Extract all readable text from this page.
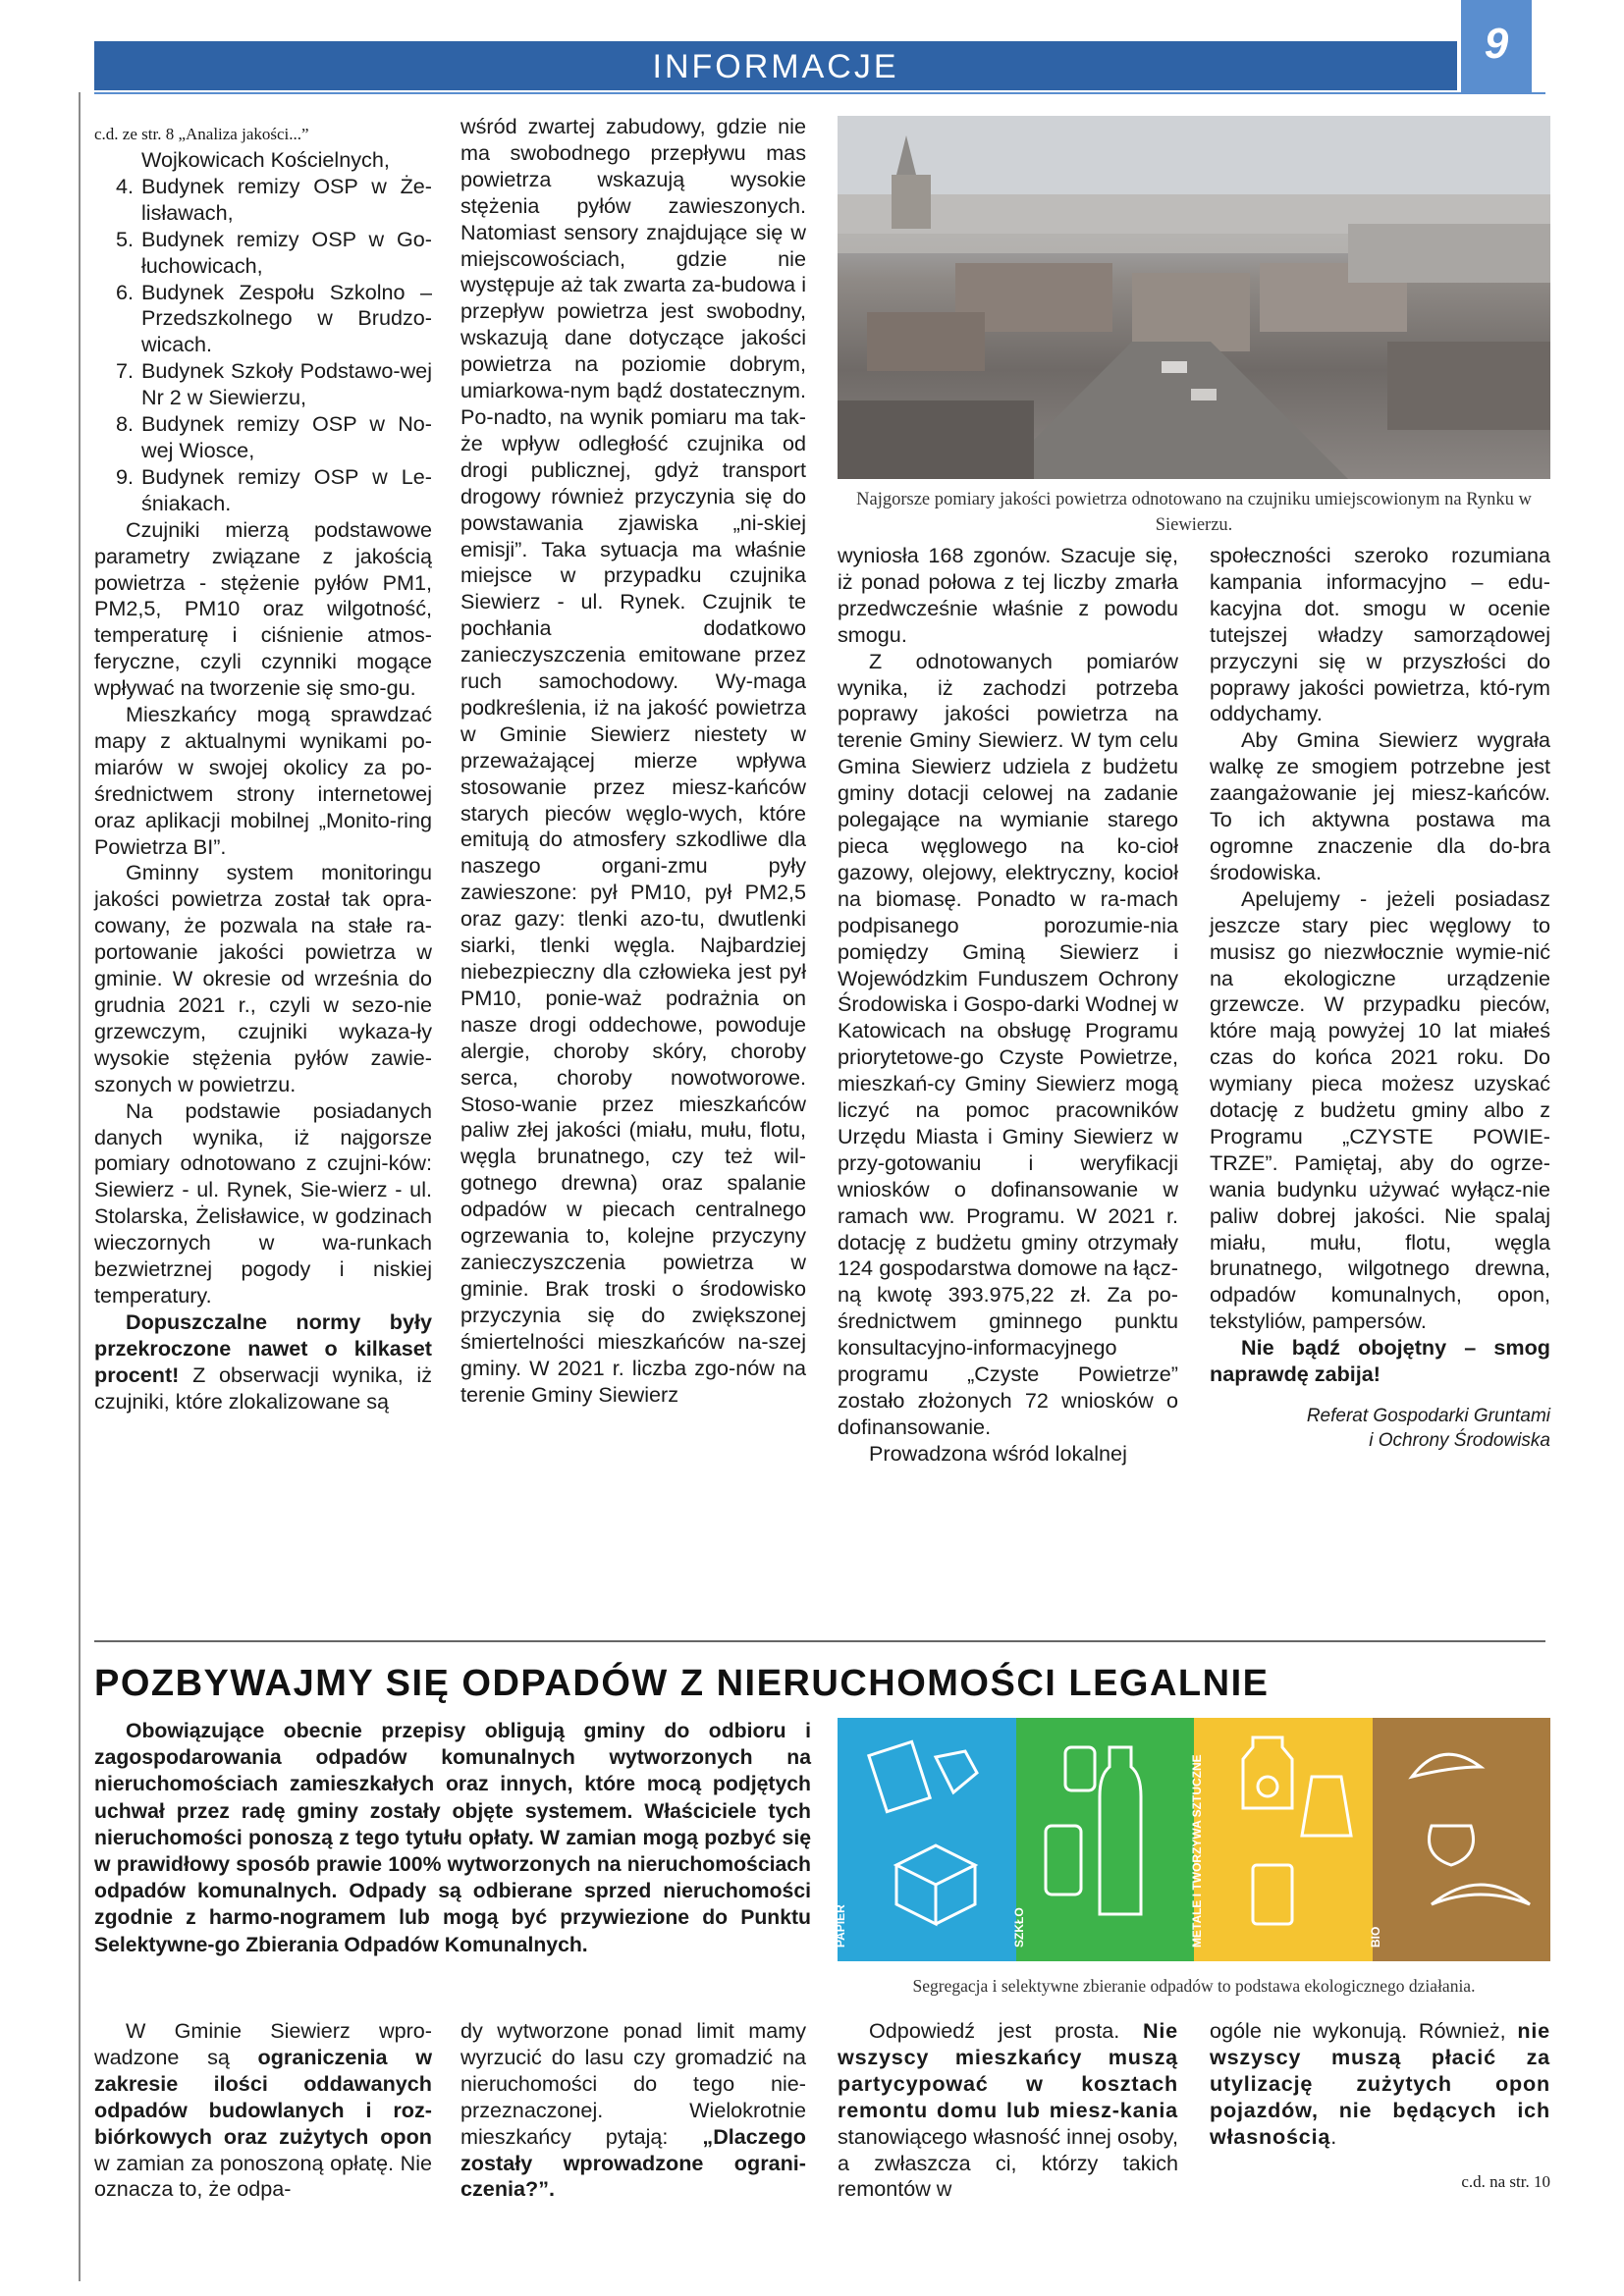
INFORMACJE	9

c.d. ze str. 8 „Analiza jakości...”

Wojkowicach Kościelnych,

4. Budynek remizy OSP w Że-lisławach,
5. Budynek remizy OSP w Go-łuchowicach,
6. Budynek Zespołu Szkolno – Przedszkolnego w Brudzo-wicach.
7. Budynek Szkoły Podstawo-wej Nr 2 w Siewierzu,
8. Budynek remizy OSP w No-wej Wiosce,
9. Budynek remizy OSP w Le-śniakach.

Czujniki mierzą podstawowe parametry związane z jakością powietrza - stężenie pyłów PM1, PM2,5, PM10 oraz wilgotność, temperaturę i ciśnienie atmos-feryczne, czyli czynniki mogące wpływać na tworzenie się smo-gu.

Mieszkańcy mogą sprawdzać mapy z aktualnymi wynikami po-miarów w swojej okolicy za po-średnictwem strony internetowej oraz aplikacji mobilnej „Monito-ring Powietrza BI”.

Gminny system monitoringu jakości powietrza został tak opra-cowany, że pozwala na stałe ra-portowanie jakości powietrza w gminie. W okresie od września do grudnia 2021 r., czyli w sezo-nie grzewczym, czujniki wykaza-ły wysokie stężenia pyłów zawie-szonych w powietrzu.

Na podstawie posiadanych danych wynika, iż najgorsze pomiary odnotowano z czujni-ków: Siewierz - ul. Rynek, Sie-wierz - ul. Stolarska, Żelisławice, w godzinach wieczornych w wa-runkach bezwietrznej pogody i niskiej temperatury.

Dopuszczalne normy były przekroczone nawet o kilkaset procent! Z obserwacji wynika, iż czujniki, które zlokalizowane są

wśród zwartej zabudowy, gdzie nie ma swobodnego przepływu mas powietrza wskazują wysokie stężenia pyłów zawieszonych. Natomiast sensory znajdujące się w miejscowościach, gdzie nie występuje aż tak zwarta za-budowa i przepływ powietrza jest swobodny, wskazują dane dotyczące jakości powietrza na poziomie dobrym, umiarkowa-nym bądź dostatecznym. Po-nadto, na wynik pomiaru ma tak-że wpływ odległość czujnika od drogi publicznej, gdyż transport drogowy również przyczynia się do powstawania zjawiska „ni-skiej emisji”. Taka sytuacja ma właśnie miejsce w przypadku czujnika Siewierz - ul. Rynek. Czujnik te pochłania dodatkowo zanieczyszczenia emitowane przez ruch samochodowy. Wy-maga podkreślenia, iż na jakość powietrza w Gminie Siewierz niestety w przeważającej mierze wpływa stosowanie przez miesz-kańców starych pieców węglo-wych, które emitują do atmosfery szkodliwe dla naszego organi-zmu pyły zawieszone: pył PM10, pył PM2,5 oraz gazy: tlenki azo-tu, dwutlenki siarki, tlenki węgla. Najbardziej niebezpieczny dla człowieka jest pył PM10, ponie-waż podrażnia on nasze drogi oddechowe, powoduje alergie, choroby skóry, choroby serca, choroby nowotworowe. Stoso-wanie przez mieszkańców paliw złej jakości (miału, mułu, flotu, węgla brunatnego, czy też wil-gotnego drewna) oraz spalanie odpadów w piecach centralnego ogrzewania to, kolejne przyczyny zanieczyszczenia powietrza w gminie. Brak troski o środowisko przyczynia się do zwiększonej śmiertelności mieszkańców na-szej gminy. W 2021 r. liczba zgo-nów na terenie Gminy Siewierz

Najgorsze pomiary jakości powietrza odnotowano na czujniku umiejscowionym na Rynku w Siewierzu.

wyniosła 168 zgonów. Szacuje się, iż ponad połowa z tej liczby zmarła przedwcześnie właśnie z powodu smogu.

Z odnotowanych pomiarów wynika, iż zachodzi potrzeba poprawy jakości powietrza na terenie Gminy Siewierz. W tym celu Gmina Siewierz udziela z budżetu gminy dotacji celowej na zadanie polegające na wymianie starego pieca węglowego na ko-cioł gazowy, olejowy, elektryczny, kocioł na biomasę. Ponadto w ra-mach podpisanego porozumie-nia pomiędzy Gminą Siewierz i Wojewódzkim Funduszem Ochrony Środowiska i Gospo-darki Wodnej w Katowicach na obsługę Programu priorytetowe-go Czyste Powietrze, mieszkań-cy Gminy Siewierz mogą liczyć na pomoc pracowników Urzędu Miasta i Gminy Siewierz w przy-gotowaniu i weryfikacji wniosków o dofinansowanie w ramach ww. Programu. W 2021 r. dotację z budżetu gminy otrzymały 124 gospodarstwa domowe na łącz-ną kwotę 393.975,22 zł. Za po-średnictwem gminnego punktu konsultacyjno-informacyjnego programu „Czyste Powietrze” zostało złożonych 72 wniosków o dofinansowanie.

Prowadzona wśród lokalnej

społeczności szeroko rozumiana kampania informacyjno – edu-kacyjna dot. smogu w ocenie tutejszej władzy samorządowej przyczyni się w przyszłości do poprawy jakości powietrza, któ-rym oddychamy.

Aby Gmina Siewierz wygrała walkę ze smogiem potrzebne jest zaangażowanie jej miesz-kańców. To ich aktywna postawa ma ogromne znaczenie dla do-bra środowiska.

Apelujemy - jeżeli posiadasz jeszcze stary piec węglowy to musisz go niezwłocznie wymie-nić na ekologiczne urządzenie grzewcze. W przypadku pieców, które mają powyżej 10 lat miałeś czas do końca 2021 roku. Do wymiany pieca możesz uzyskać dotację z budżetu gminy albo z Programu „CZYSTE POWIE-TRZE”. Pamiętaj, aby do ogrze-wania budynku używać wyłącz-nie paliw dobrej jakości. Nie spalaj miału, mułu, flotu, węgla brunatnego, wilgotnego drewna, odpadów komunalnych, opon, tekstyliów, pampersów.

Nie bądź obojętny – smog naprawdę zabija!

Referat Gospodarki Gruntami

i Ochrony Środowiska

POZBYWAJMY SIĘ ODPADÓW Z NIERUCHOMOŚCI LEGALNIE

Obowiązujące obecnie przepisy obligują gminy do odbioru i zagospodarowania odpadów komunalnych wytworzonych na nieruchomościach zamieszkałych oraz innych, które mocą podjętych uchwał przez radę gminy zostały objęte systemem. Właściciele tych nieruchomości ponoszą z tego tytułu opłaty. W zamian mogą pozbyć się w prawidłowy sposób prawie 100% wytworzonych na nieruchomościach odpadów komunalnych. Odpady są odbierane sprzed nieruchomości zgodnie z harmo-nogramem lub mogą być przywiezione do Punktu Selektywne-go Zbierania Odpadów Komunalnych.	PAPIER	SZKŁO	METALE I TWORZYWA SZTUCZNE	BIO
Segregacja i selektywne zbieranie odpadów to podstawa ekologicznego działania.

W Gminie Siewierz wpro-wadzone są ograniczenia w zakresie ilości oddawanych odpadów budowlanych i roz-biórkowych oraz zużytych opon w zamian za ponoszoną opłatę. Nie oznacza to, że odpa-

dy wytworzone ponad limit mamy wyrzucić do lasu czy gromadzić na nieruchomości do tego nie-przeznaczonej. Wielokrotnie mieszkańcy pytają: „Dlaczego zostały wprowadzone ograni-czenia?”.

Odpowiedź jest prosta. Nie wszyscy mieszkańcy muszą partycypować w kosztach remontu domu lub miesz-kania stanowiącego własność innej osoby, a zwłaszcza ci, którzy takich remontów w

ogóle nie wykonują. Również, nie wszyscy muszą płacić za utylizację zużytych opon pojazdów, nie będących ich własnością.

c.d. na str. 10
